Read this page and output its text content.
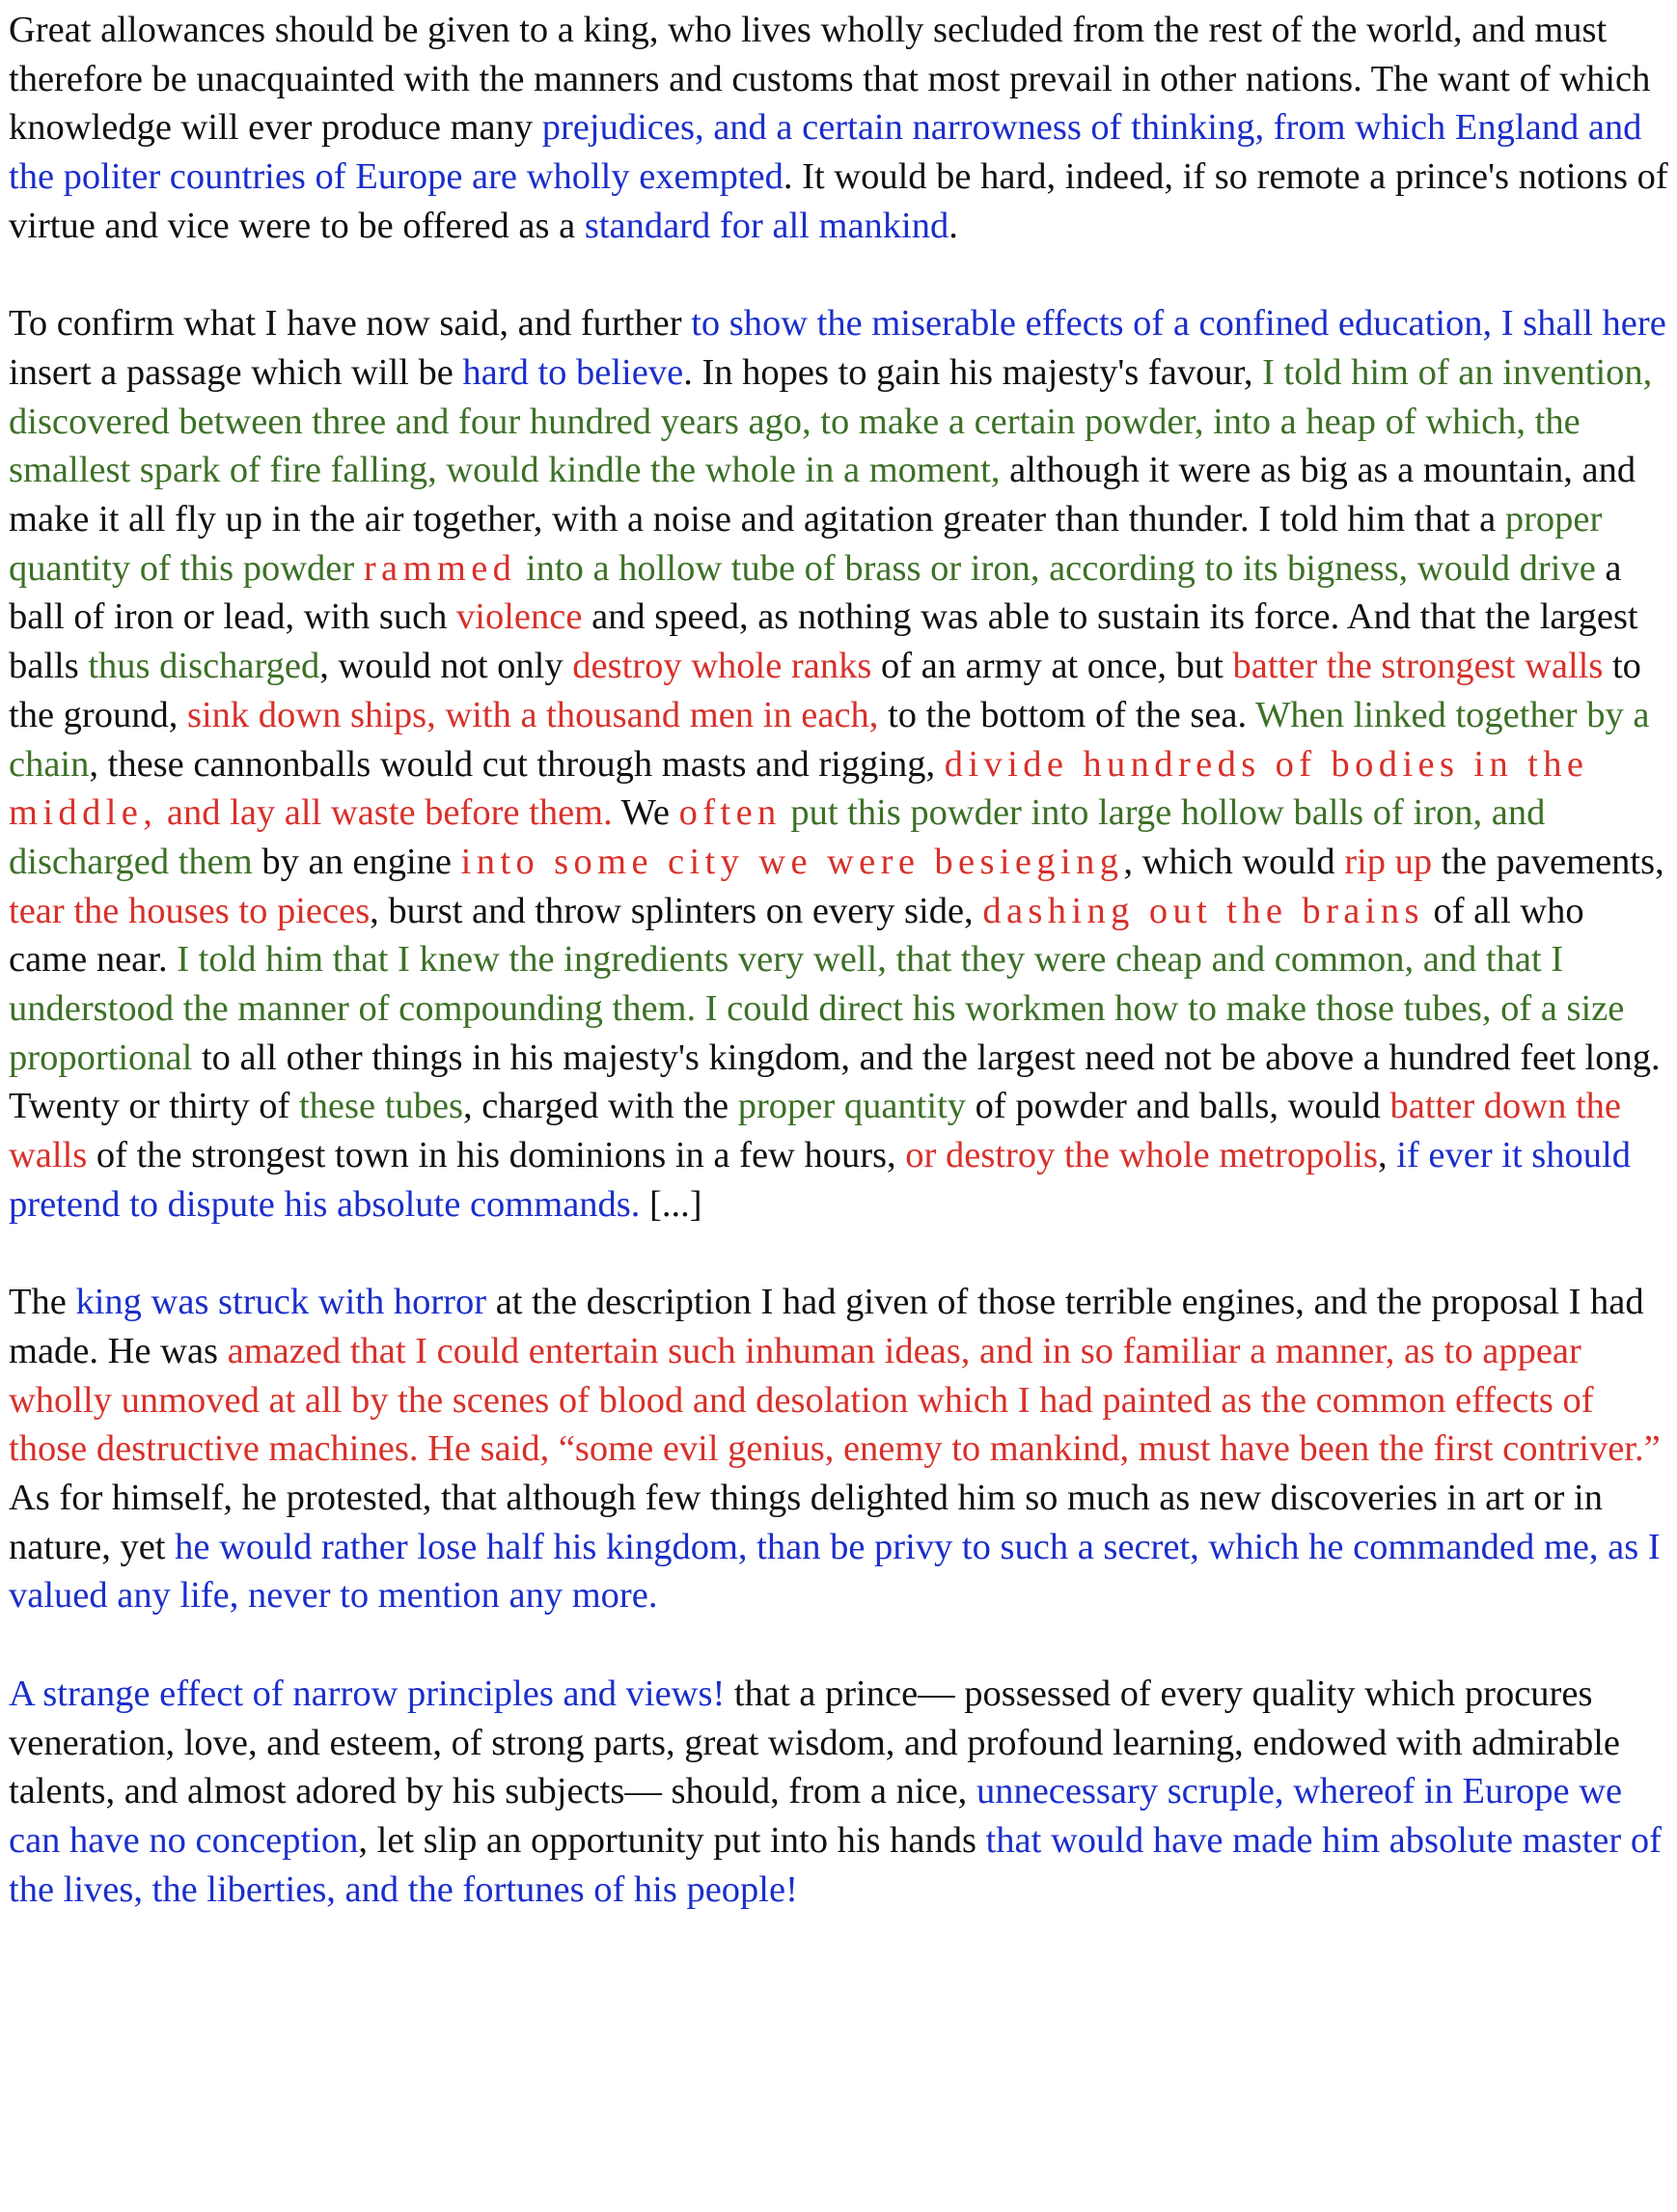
Great allowances should be given to a king, who lives wholly secluded from the rest of the world, and must therefore be unacquainted with the manners and customs that most prevail in other nations. The want of which knowledge will ever produce many prejudices, and a certain narrowness of thinking, from which England and the politer countries of Europe are wholly exempted. It would be hard, indeed, if so remote a prince's notions of virtue and vice were to be offered as a standard for all mankind.

To confirm what I have now said, and further to show the miserable effects of a confined education, I shall here insert a passage which will be hard to believe. In hopes to gain his majesty's favour, I told him of an invention, discovered between three and four hundred years ago, to make a certain powder, into a heap of which, the smallest spark of fire falling, would kindle the whole in a moment, although it were as big as a mountain, and make it all fly up in the air together, with a noise and agitation greater than thunder. I told him that a proper quantity of this powder rammed into a hollow tube of brass or iron, according to its bigness, would drive a ball of iron or lead, with such violence and speed, as nothing was able to sustain its force. And that the largest balls thus discharged, would not only destroy whole ranks of an army at once, but batter the strongest walls to the ground, sink down ships, with a thousand men in each, to the bottom of the sea. When linked together by a chain, these cannonballs would cut through masts and rigging, divide hundreds of bodies in the middle, and lay all waste before them. We often put this powder into large hollow balls of iron, and discharged them by an engine into some city we were besieging, which would rip up the pavements, tear the houses to pieces, burst and throw splinters on every side, dashing out the brains of all who came near. I told him that I knew the ingredients very well, that they were cheap and common, and that I understood the manner of compounding them. I could direct his workmen how to make those tubes, of a size proportional to all other things in his majesty's kingdom, and the largest need not be above a hundred feet long. Twenty or thirty of these tubes, charged with the proper quantity of powder and balls, would batter down the walls of the strongest town in his dominions in a few hours, or destroy the whole metropolis, if ever it should pretend to dispute his absolute commands. [...]

The king was struck with horror at the description I had given of those terrible engines, and the proposal I had made. He was amazed that I could entertain such inhuman ideas, and in so familiar a manner, as to appear wholly unmoved at all by the scenes of blood and desolation which I had painted as the common effects of those destructive machines. He said, “some evil genius, enemy to mankind, must have been the first contriver.” As for himself, he protested, that although few things delighted him so much as new discoveries in art or in nature, yet he would rather lose half his kingdom, than be privy to such a secret, which he commanded me, as I valued any life, never to mention any more.

A strange effect of narrow principles and views! that a prince— possessed of every quality which procures veneration, love, and esteem, of strong parts, great wisdom, and profound learning, endowed with admirable talents, and almost adored by his subjects— should, from a nice, unnecessary scruple, whereof in Europe we can have no conception, let slip an opportunity put into his hands that would have made him absolute master of the lives, the liberties, and the fortunes of his people!
